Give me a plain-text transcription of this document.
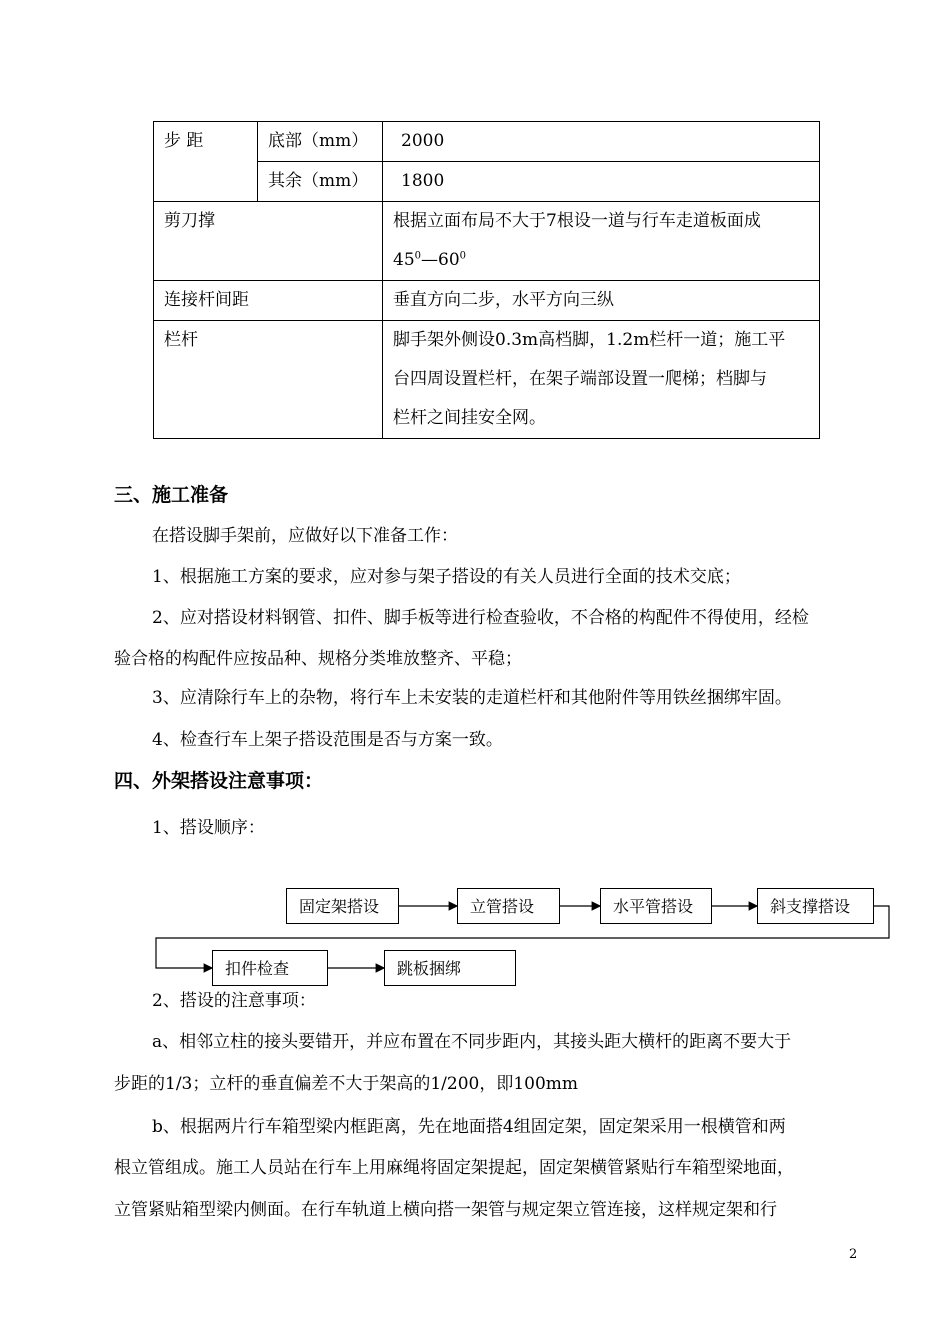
步 距	底部（mm）	2000
	其余（mm）	1800
剪刀撑		根据立面布局不大于7根设一道与行车走道板面成
$45^0—60^0$

连接杆间距		垂直方向二步，水平方向三纵
栏杆		脚手架外侧设0.3m高档脚，1.2m栏杆一道；施工平
台四周设置栏杆，在架子端部设置一爬梯；档脚与
栏杆之间挂安全网。
三、施工准备
在搭设脚手架前，应做好以下准备工作：
1、根据施工方案的要求，应对参与架子搭设的有关人员进行全面的技术交底；
2、应对搭设材料钢管、扣件、脚手板等进行检查验收，不合格的构配件不得使用，经检
验合格的构配件应按品种、规格分类堆放整齐、平稳；
3、应清除行车上的杂物，将行车上未安装的走道栏杆和其他附件等用铁丝捆绑牢固。
4、检查行车上架子搭设范围是否与方案一致。
四、外架搭设注意事项：
1、搭设顺序：
固定架搭设	立管搭设	水平管搭设	斜支撑搭设
扣件检查	跳板捆绑
2、搭设的注意事项：
a、相邻立柱的接头要错开，并应布置在不同步距内，其接头距大横杆的距离不要大于
步距的1/3；立杆的垂直偏差不大于架高的1/200，即100mm
b、根据两片行车箱型梁内框距离，先在地面搭4组固定架，固定架采用一根横管和两
根立管组成。施工人员站在行车上用麻绳将固定架提起，固定架横管紧贴行车箱型梁地面，
立管紧贴箱型梁内侧面。在行车轨道上横向搭一架管与规定架立管连接，这样规定架和行
2
